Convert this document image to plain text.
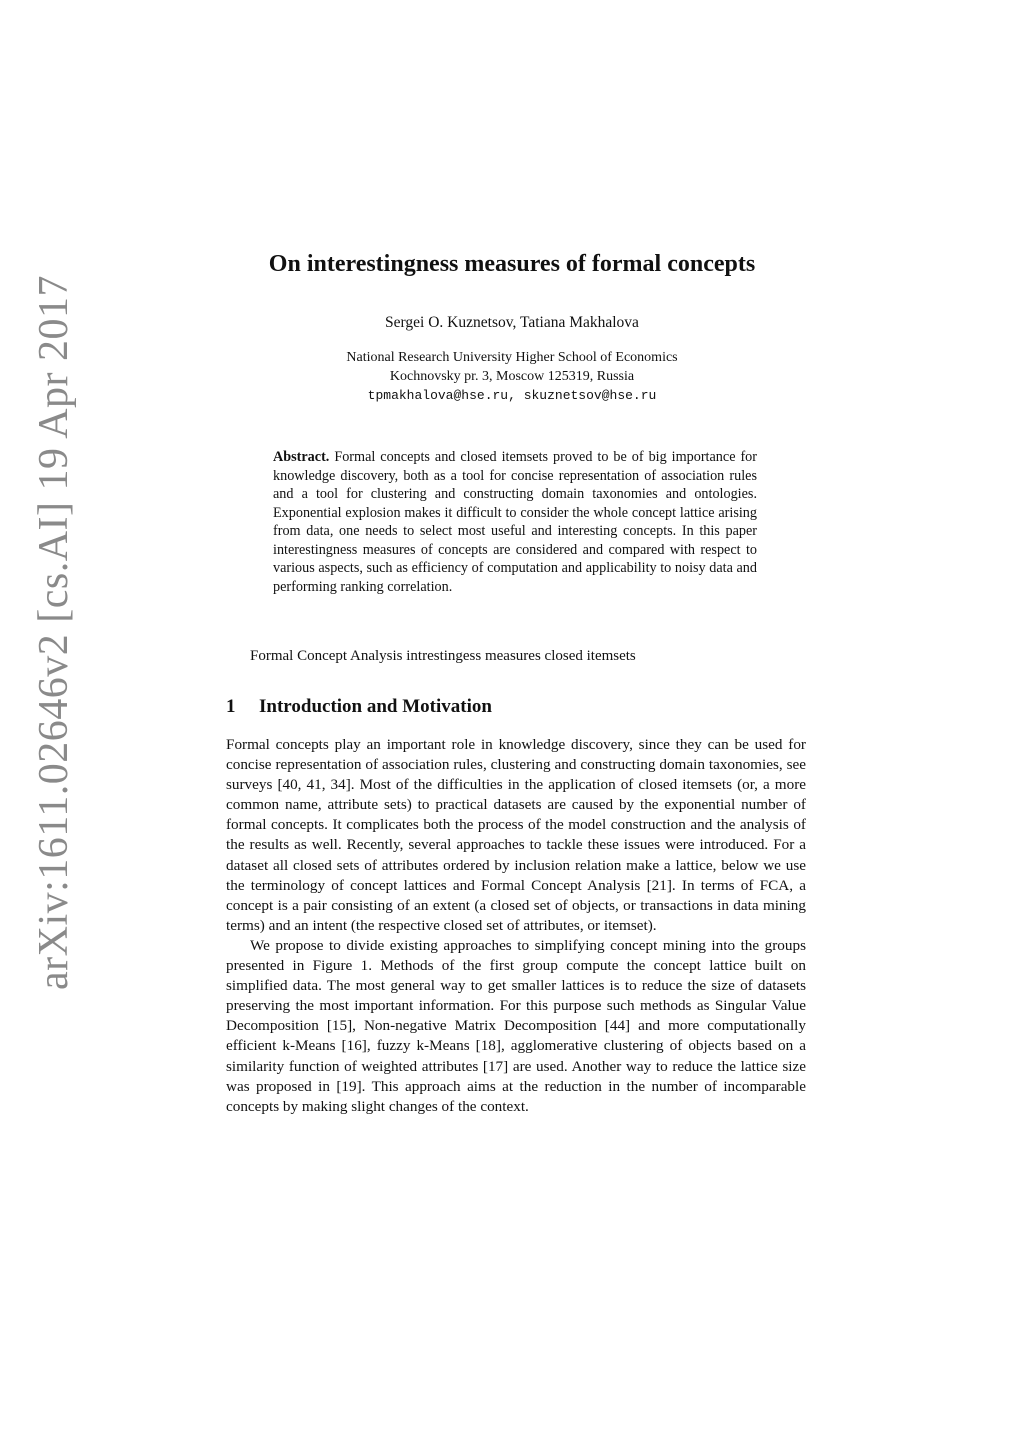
arXiv:1611.02646v2 [cs.AI] 19 Apr 2017
On interestingness measures of formal concepts
Sergei O. Kuznetsov, Tatiana Makhalova
National Research University Higher School of Economics
Kochnovsky pr. 3, Moscow 125319, Russia
tpmakhalova@hse.ru, skuznetsov@hse.ru

Abstract. Formal concepts and closed itemsets proved to be of big importance for knowledge discovery, both as a tool for concise representation of association rules and a tool for clustering and constructing domain taxonomies and ontologies. Exponential explosion makes it difficult to consider the whole concept lattice arising from data, one needs to select most useful and interesting concepts. In this paper interestingness measures of concepts are considered and compared with respect to various aspects, such as efficiency of computation and applicability to noisy data and performing ranking correlation.

Formal Concept Analysis intrestingess measures closed itemsets

1 Introduction and Motivation

Formal concepts play an important role in knowledge discovery, since they can be used for concise representation of association rules, clustering and constructing domain taxonomies, see surveys [40, 41, 34]. Most of the difficulties in the application of closed itemsets (or, a more common name, attribute sets) to practical datasets are caused by the exponential number of formal concepts. It complicates both the process of the model construction and the analysis of the results as well. Recently, several approaches to tackle these issues were introduced. For a dataset all closed sets of attributes ordered by inclusion relation make a lattice, below we use the terminology of concept lattices and Formal Concept Analysis [21]. In terms of FCA, a concept is a pair consisting of an extent (a closed set of objects, or transactions in data mining terms) and an intent (the respective closed set of attributes, or itemset).

We propose to divide existing approaches to simplifying concept mining into the groups presented in Figure 1. Methods of the first group compute the concept lattice built on simplified data. The most general way to get smaller lattices is to reduce the size of datasets preserving the most important information. For this purpose such methods as Singular Value Decomposition [15], Non-negative Matrix Decomposition [44] and more computationally efficient k-Means [16], fuzzy k-Means [18], agglomerative clustering of objects based on a similarity function of weighted attributes [17] are used. Another way to reduce the lattice size was proposed in [19]. This approach aims at the reduction in the number of incomparable concepts by making slight changes of the context.
